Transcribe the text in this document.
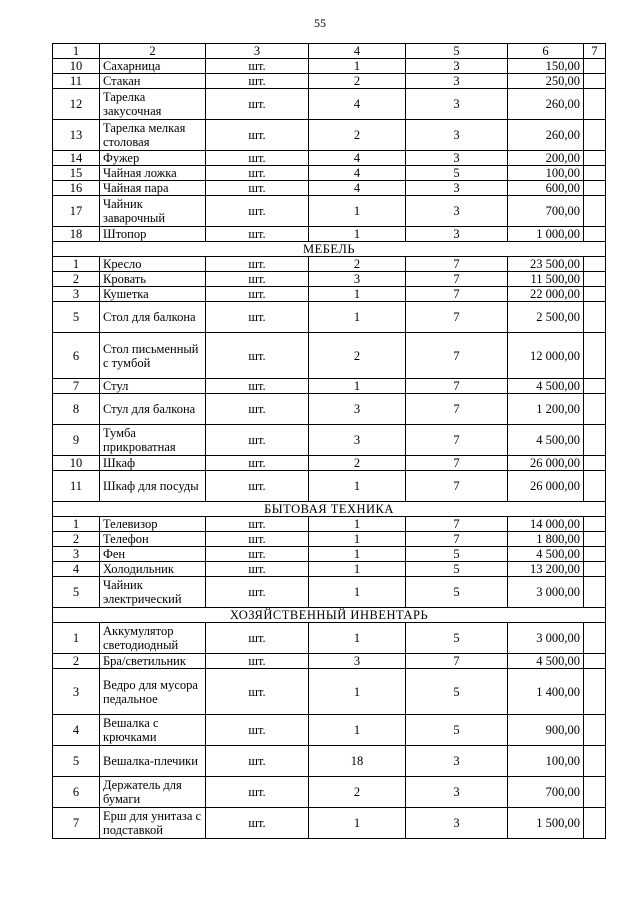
55
1	2	3	4	5	6	7
10	Сахарница	шт.	1	3	150,00	
11	Стакан	шт.	2	3	250,00	
12	Тарелка закусочная	шт.	4	3	260,00	
13	Тарелка мелкая столовая	шт.	2	3	260,00	
14	Фужер	шт.	4	3	200,00	
15	Чайная ложка	шт.	4	5	100,00	
16	Чайная пара	шт.	4	3	600,00	
17	Чайник заварочный	шт.	1	3	700,00	
18	Штопор	шт.	1	3	1 000,00	
МЕБЕЛЬ						
1	Кресло	шт.	2	7	23 500,00	
2	Кровать	шт.	3	7	11 500,00	
3	Кушетка	шт.	1	7	22 000,00	
5	Стол для балкона	шт.	1	7	2 500,00	
6	Стол письменный с тумбой	шт.	2	7	12 000,00	
7	Стул	шт.	1	7	4 500,00	
8	Стул для балкона	шт.	3	7	1 200,00	
9	Тумба прикроватная	шт.	3	7	4 500,00	
10	Шкаф	шт.	2	7	26 000,00	
11	Шкаф для посуды	шт.	1	7	26 000,00	
БЫТОВАЯ ТЕХНИКА						
1	Телевизор	шт.	1	7	14 000,00	
2	Телефон	шт.	1	7	1 800,00	
3	Фен	шт.	1	5	4 500,00	
4	Холодильник	шт.	1	5	13 200,00	
5	Чайник электрический	шт.	1	5	3 000,00	
ХОЗЯЙСТВЕННЫЙ ИНВЕНТАРЬ						
1	Аккумулятор светодиодный	шт.	1	5	3 000,00	
2	Бра/светильник	шт.	3	7	4 500,00	
3	Ведро для мусора педальное	шт.	1	5	1 400,00	
4	Вешалка с крючками	шт.	1	5	900,00	
5	Вешалка-плечики	шт.	18	3	100,00	
6	Держатель для бумаги	шт.	2	3	700,00	
7	Ерш для унитаза с подставкой	шт.	1	3	1 500,00	
